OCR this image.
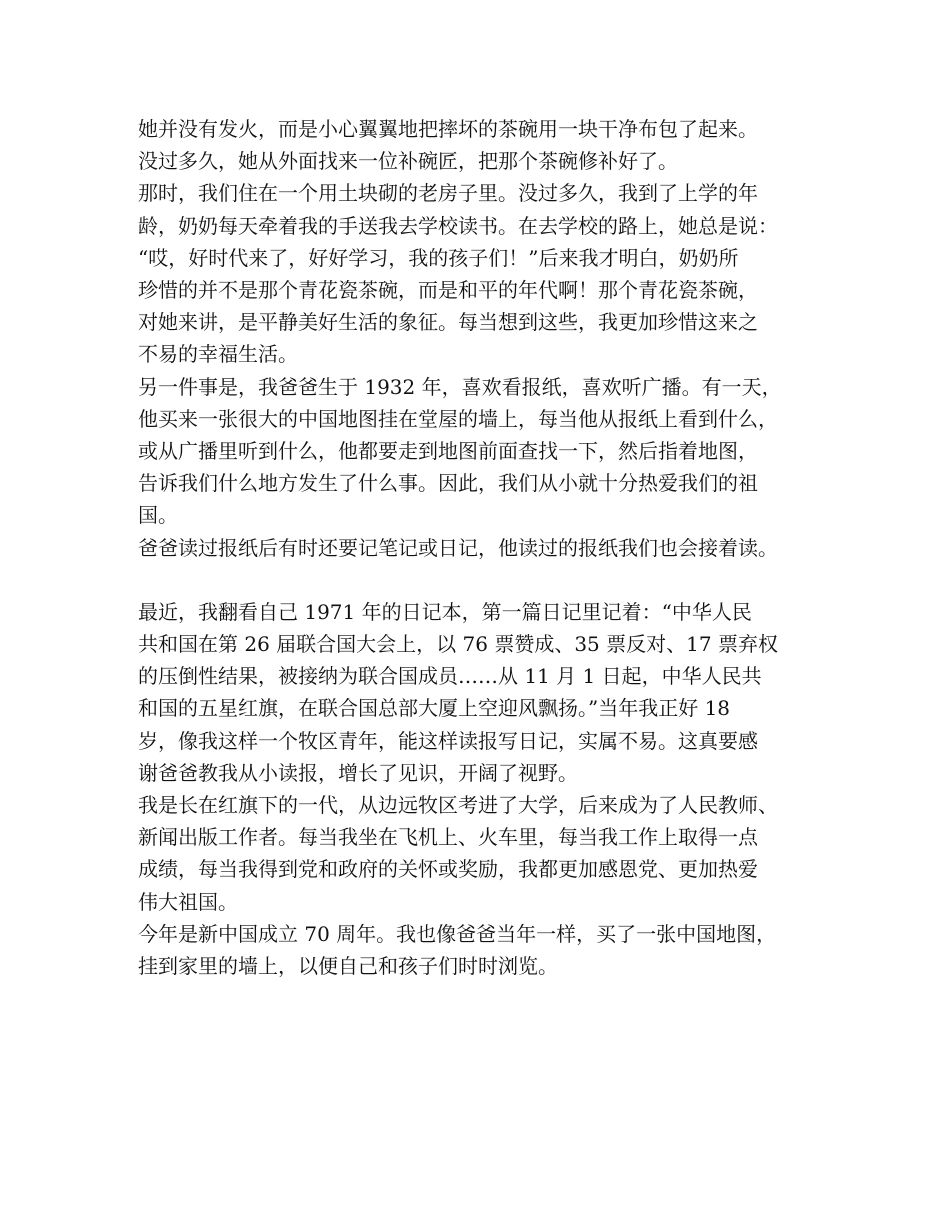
她并没有发火，而是小心翼翼地把摔坏的茶碗用一块干净布包了起来。

没过多久，她从外面找来一位补碗匠，把那个茶碗修补好了。

那时，我们住在一个用土块砌的老房子里。没过多久，我到了上学的年
龄，奶奶每天牵着我的手送我去学校读书。在去学校的路上，她总是说：
“哎，好时代来了，好好学习，我的孩子们！”后来我才明白，奶奶所
珍惜的并不是那个青花瓷茶碗，而是和平的年代啊！那个青花瓷茶碗，
对她来讲，是平静美好生活的象征。每当想到这些，我更加珍惜这来之
不易的幸福生活。

另一件事是，我爸爸生于 1932 年，喜欢看报纸，喜欢听广播。有一天，
他买来一张很大的中国地图挂在堂屋的墙上，每当他从报纸上看到什么，
或从广播里听到什么，他都要走到地图前面查找一下，然后指着地图，
告诉我们什么地方发生了什么事。因此，我们从小就十分热爱我们的祖
国。

爸爸读过报纸后有时还要记笔记或日记，他读过的报纸我们也会接着读。

最近，我翻看自己 1971 年的日记本，第一篇日记里记着：“中华人民
共和国在第 26 届联合国大会上，以 76 票赞成、35 票反对、17 票弃权
的压倒性结果，被接纳为联合国成员……从 11 月 1 日起，中华人民共
和国的五星红旗，在联合国总部大厦上空迎风飘扬。”当年我正好 18
岁，像我这样一个牧区青年，能这样读报写日记，实属不易。这真要感
谢爸爸教我从小读报，增长了见识，开阔了视野。

我是长在红旗下的一代，从边远牧区考进了大学，后来成为了人民教师、
新闻出版工作者。每当我坐在飞机上、火车里，每当我工作上取得一点
成绩，每当我得到党和政府的关怀或奖励，我都更加感恩党、更加热爱
伟大祖国。

今年是新中国成立 70 周年。我也像爸爸当年一样，买了一张中国地图，
挂到家里的墙上，以便自己和孩子们时时浏览。
